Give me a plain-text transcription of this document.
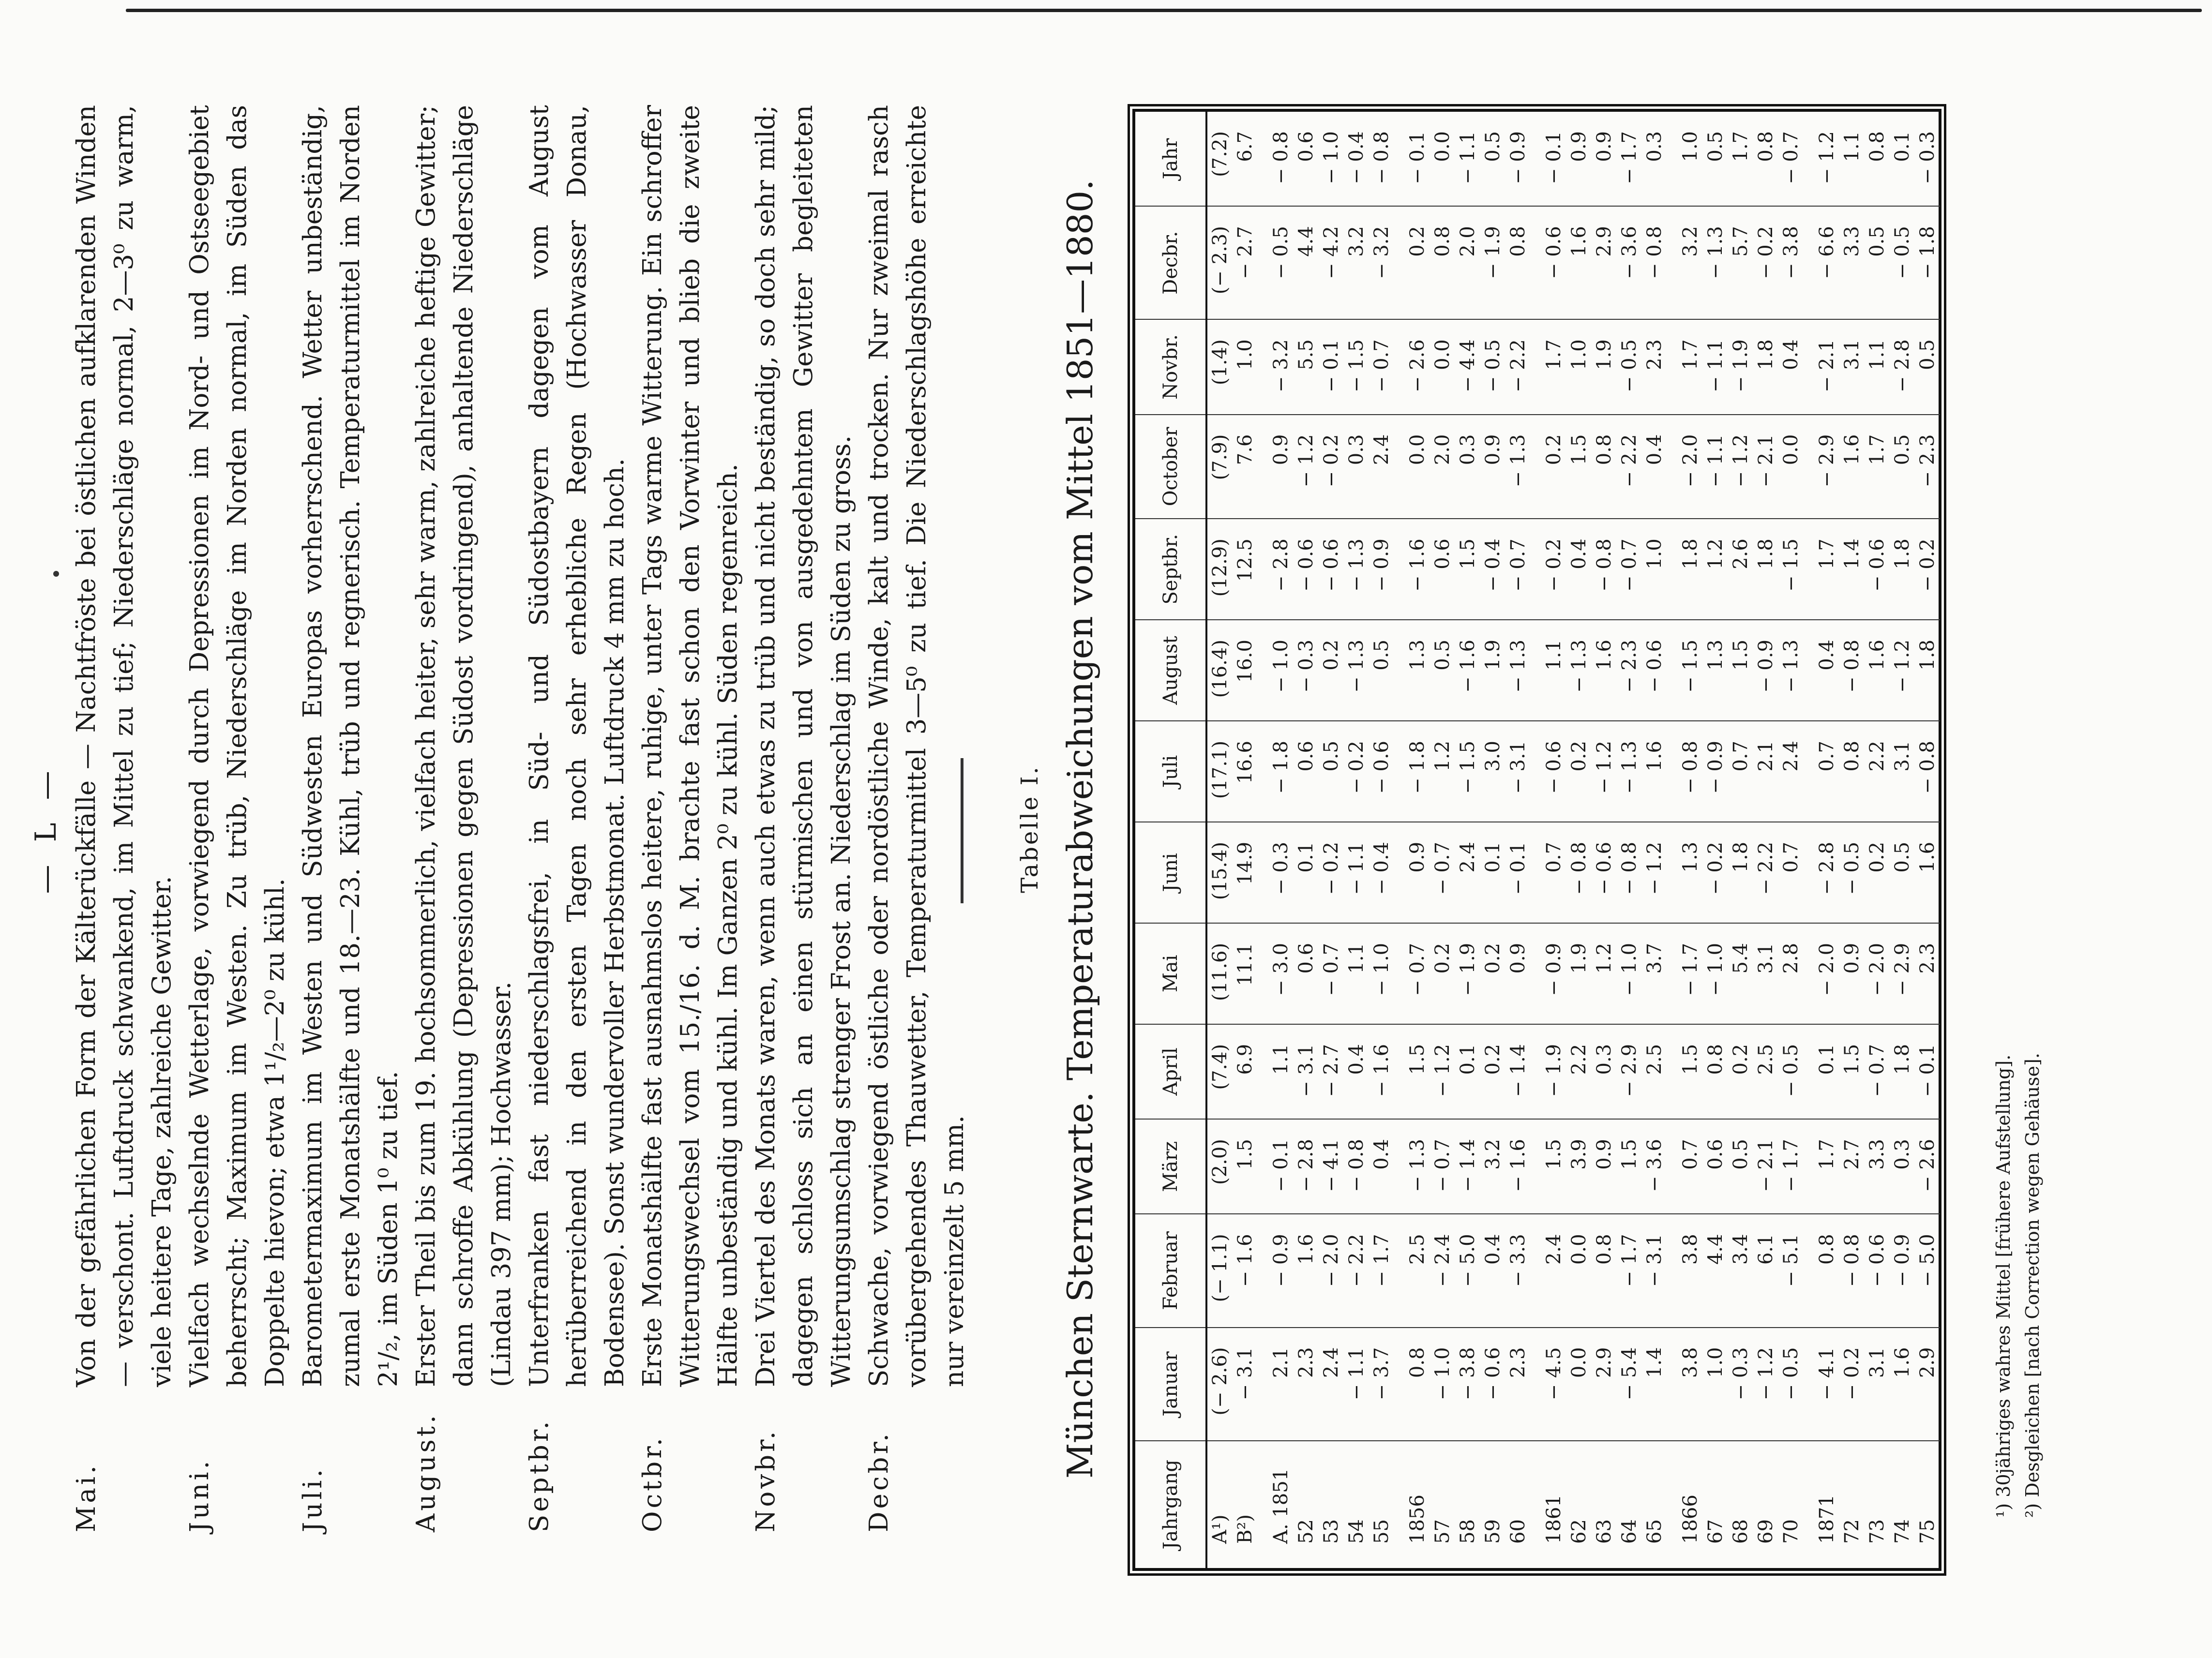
— L —
Mai.
Von der gefährlichen Form der Kälterückfälle — Nachtfröste bei östlichen aufklarenden Winden — verschont. Luftdruck schwankend, im Mittel zu tief; Niederschläge normal, 2—3⁰ zu warm, viele heitere Tage, zahlreiche Gewitter.
Juni.
Vielfach wechselnde Wetterlage, vorwiegend durch Depressionen im Nord- und Ostseegebiet beherrscht; Maximum im Westen. Zu trüb, Niederschläge im Norden normal, im Süden das Doppelte hievon; etwa 1¹/₂—2⁰ zu kühl.
Juli.
Barometermaximum im Westen und Südwesten Europas vorherrschend. Wetter unbeständig, zumal erste Monatshälfte und 18.—23. Kühl, trüb und regnerisch. Temperaturmittel im Norden 2¹/₂, im Süden 1⁰ zu tief.
August.
Erster Theil bis zum 19. hochsommerlich, vielfach heiter, sehr warm, zahlreiche heftige Gewitter; dann schroffe Abkühlung (Depressionen gegen Südost vordringend), anhaltende Niederschläge (Lindau 397 mm); Hochwasser.
Septbr.
Unterfranken fast niederschlagsfrei, in Süd- und Südostbayern dagegen vom August herüberreichend in den ersten Tagen noch sehr erhebliche Regen (Hochwasser Donau, Bodensee). Sonst wundervoller Herbstmonat. Luftdruck 4 mm zu hoch.
Octbr.
Erste Monatshälfte fast ausnahmslos heitere, ruhige, unter Tags warme Witterung. Ein schroffer Witterungswechsel vom 15./16. d. M. brachte fast schon den Vorwinter und blieb die zweite Hälfte unbeständig und kühl. Im Ganzen 2⁰ zu kühl. Süden regenreich.
Novbr.
Drei Viertel des Monats waren, wenn auch etwas zu trüb und nicht beständig, so doch sehr mild; dagegen schloss sich an einen stürmischen und von ausgedehntem Gewitter begleiteten Witterungsumschlag strenger Frost an. Niederschlag im Süden zu gross.
Decbr.
Schwache, vorwiegend östliche oder nordöstliche Winde, kalt und trocken. Nur zweimal rasch vorübergehendes Thauwetter, Temperaturmittel 3—5⁰ zu tief. Die Niederschlagshöhe erreichte nur vereinzelt 5 mm.
Tabelle I. München Sternwarte. Temperaturabweichungen vom Mittel 1851—1880.
Jahrgang	Januar	Februar	März	April	Mai	Juni	Juli	August	Septbr.	October	Novbr.	Decbr.	Jahr
A¹)	(− 2.6)	(− 1.1)	(2.0)	(7.4)	(11.6)	(15.4)	(17.1)	(16.4)	(12.9)	(7.9)	(1.4)	(− 2.3)	(7.2)
B²)	− 3.1	− 1.6	1.5	6.9	11.1	14.9	16.6	16.0	12.5	7.6	1.0	− 2.7	6.7
A. 1851	2.1	− 0.9	− 0.1	1.1	− 3.0	− 0.3	− 1.8	− 1.0	− 2.8	0.9	− 3.2	− 0.5	− 0.8
52	2.3	1.6	− 2.8	− 3.1	0.6	0.1	0.6	− 0.3	− 0.6	− 1.2	5.5	4.4	0.6
53	2.4	− 2.0	− 4.1	− 2.7	− 0.7	− 0.2	0.5	0.2	− 0.6	− 0.2	− 0.1	− 4.2	− 1.0
54	− 1.1	− 2.2	− 0.8	0.4	1.1	− 1.1	− 0.2	− 1.3	− 1.3	0.3	− 1.5	3.2	− 0.4
55	− 3.7	− 1.7	0.4	− 1.6	− 1.0	− 0.4	− 0.6	0.5	− 0.9	2.4	− 0.7	− 3.2	− 0.8
1856	0.8	2.5	− 1.3	1.5	− 0.7	0.9	− 1.8	1.3	− 1.6	0.0	− 2.6	0.2	− 0.1
57	− 1.0	− 2.4	− 0.7	− 1.2	0.2	− 0.7	1.2	0.5	0.6	2.0	0.0	0.8	0.0
58	− 3.8	− 5.0	− 1.4	0.1	− 1.9	2.4	− 1.5	− 1.6	1.5	0.3	− 4.4	2.0	− 1.1
59	− 0.6	0.4	3.2	0.2	0.2	0.1	3.0	1.9	− 0.4	0.9	− 0.5	− 1.9	0.5
60	2.3	− 3.3	− 1.6	− 1.4	0.9	− 0.1	− 3.1	− 1.3	− 0.7	− 1.3	− 2.2	0.8	− 0.9
1861	− 4.5	2.4	1.5	− 1.9	− 0.9	0.7	− 0.6	1.1	− 0.2	0.2	1.7	− 0.6	− 0.1
62	0.0	0.0	3.9	2.2	1.9	− 0.8	0.2	− 1.3	0.4	1.5	1.0	1.6	0.9
63	2.9	0.8	0.9	0.3	1.2	− 0.6	− 1.2	1.6	− 0.8	0.8	1.9	2.9	0.9
64	− 5.4	− 1.7	1.5	− 2.9	− 1.0	− 0.8	− 1.3	− 2.3	− 0.7	− 2.2	− 0.5	− 3.6	− 1.7
65	1.4	− 3.1	− 3.6	2.5	3.7	− 1.2	1.6	− 0.6	1.0	0.4	2.3	− 0.8	0.3
1866	3.8	3.8	0.7	1.5	− 1.7	1.3	− 0.8	− 1.5	1.8	− 2.0	1.7	3.2	1.0
67	1.0	4.4	0.6	0.8	− 1.0	− 0.2	− 0.9	1.3	1.2	− 1.1	− 1.1	− 1.3	0.5
68	− 0.3	3.4	0.5	0.2	5.4	1.8	0.7	1.5	2.6	− 1.2	− 1.9	5.7	1.7
69	− 1.2	6.1	− 2.1	2.5	3.1	− 2.2	2.1	− 0.9	1.8	− 2.1	1.8	− 0.2	0.8
70	− 0.5	− 5.1	− 1.7	− 0.5	2.8	0.7	2.4	− 1.3	− 1.5	0.0	0.4	− 3.8	− 0.7
1871	− 4.1	0.8	1.7	0.1	− 2.0	− 2.8	0.7	0.4	1.7	− 2.9	− 2.1	− 6.6	− 1.2
72	− 0.2	− 0.8	2.7	1.5	0.9	− 0.5	0.8	− 0.8	1.4	1.6	3.1	3.3	1.1
73	3.1	− 0.6	3.3	− 0.7	− 2.0	0.2	2.2	1.6	− 0.6	1.7	1.1	0.5	0.8
74	1.6	− 0.9	0.3	1.8	− 2.9	0.5	3.1	− 1.2	1.8	0.5	− 2.8	− 0.5	0.1
75	2.9	− 5.0	− 2.6	− 0.1	2.3	1.6	− 0.8	1.8	− 0.2	− 2.3	0.5	− 1.8	− 0.3
¹) 30jähriges wahres Mittel [frühere Aufstellung]. ²) Desgleichen [nach Correction wegen Gehäuse].
